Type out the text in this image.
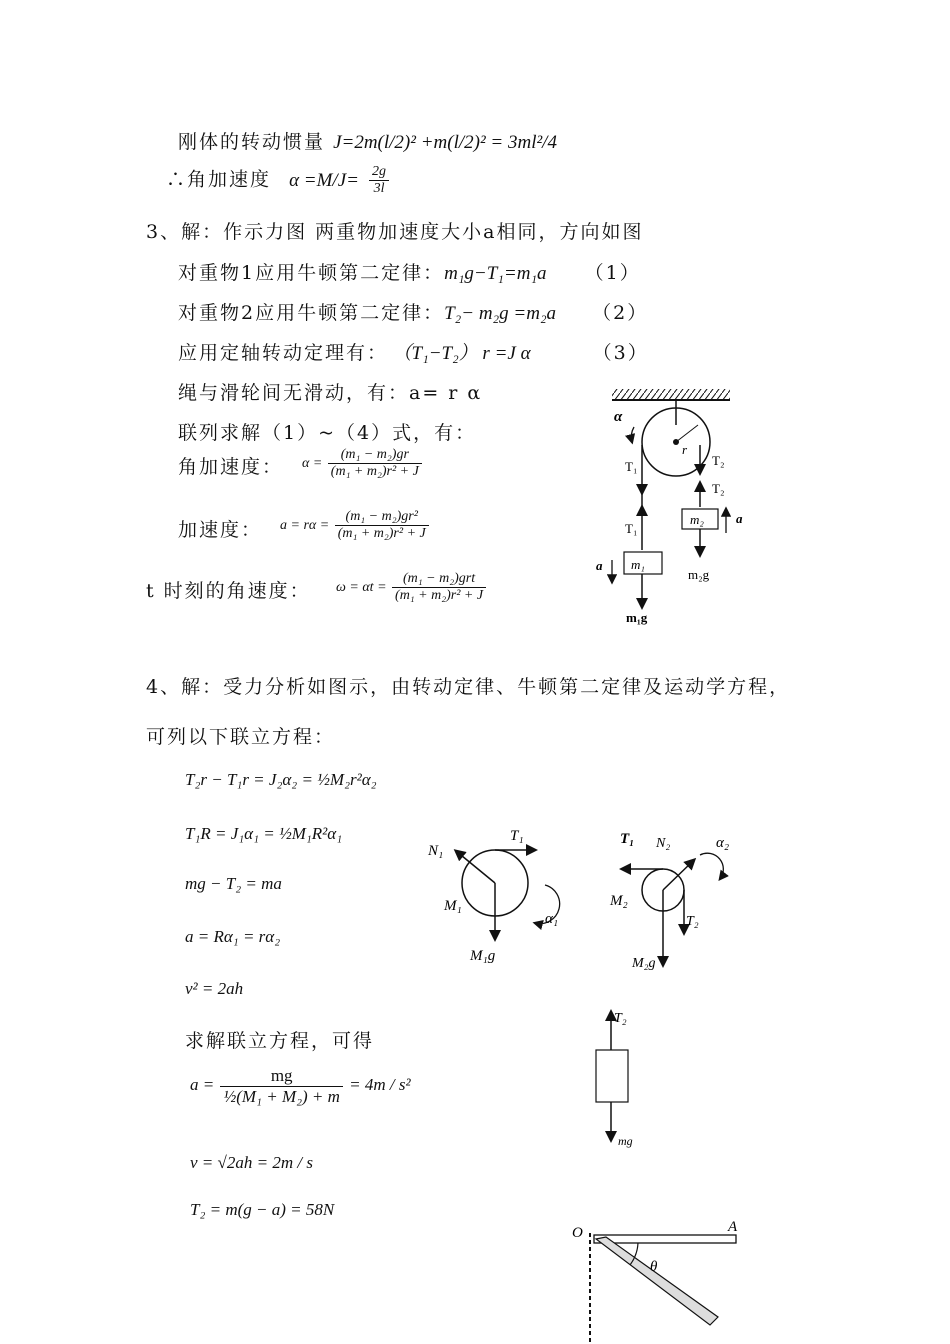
刚体的转动惯量 J=2m(l/2)² +m(l/2)² = 3ml²/4
∴角加速度 $\alpha =M/J= \frac{2g}{3l}$
3、解：作示力图 两重物加速度大小a相同，方向如图
对重物1应用牛顿第二定律：m₁g−T₁=m₁a （1）
对重物2应用牛顿第二定律：T₂− m₂g =m₂a （2）
应用定轴转动定理有： （T₁−T₂） r =J α	（3）
绳与滑轮间无滑动，有：a= r α
联列求解（1）~（4）式，有：
角加速度： $\alpha = \frac{\text{(m₁ − m₂)gr}}{\text{(m₁ + m₂)r² + J}}$
加速度： $a = r\alpha = \frac{\text{(m₁ − m₂)gr²}}{\text{(m₁ + m₂)r² + J}}$
t 时刻的角速度： $\omega = \alpha t = \frac{\text{(m₁ − m₂)grt}}{\text{(m₁ + m₂)r² + J}}$
r
α
T₁
T₁
m₁
m₁g
a
T₂
T₂
m₂
m₂g
a
4、解：受力分析如图示，由转动定律、牛顿第二定律及运动学方程，
可列以下联立方程：
T₂r − T₁r = J₂α₂ = ½M₂r²α₂
T₁R = J₁α₁ = ½M₁R²α₁
mg − T₂ = ma
a = Rα₁ = rα₂
v² = 2ah
求解联立方程，可得
$a = \frac{mg}{\text{½(M₁ + M₂) + m}} = 4m / s^2$
v = √2ah = 2m / s
T₂ = m(g − a) = 58N
T₁
N₁
M₁g
M₁
α₁
T₁ N₂
M₂g
T₂
M₂
α₂
T₂
mg
O	A
θ
